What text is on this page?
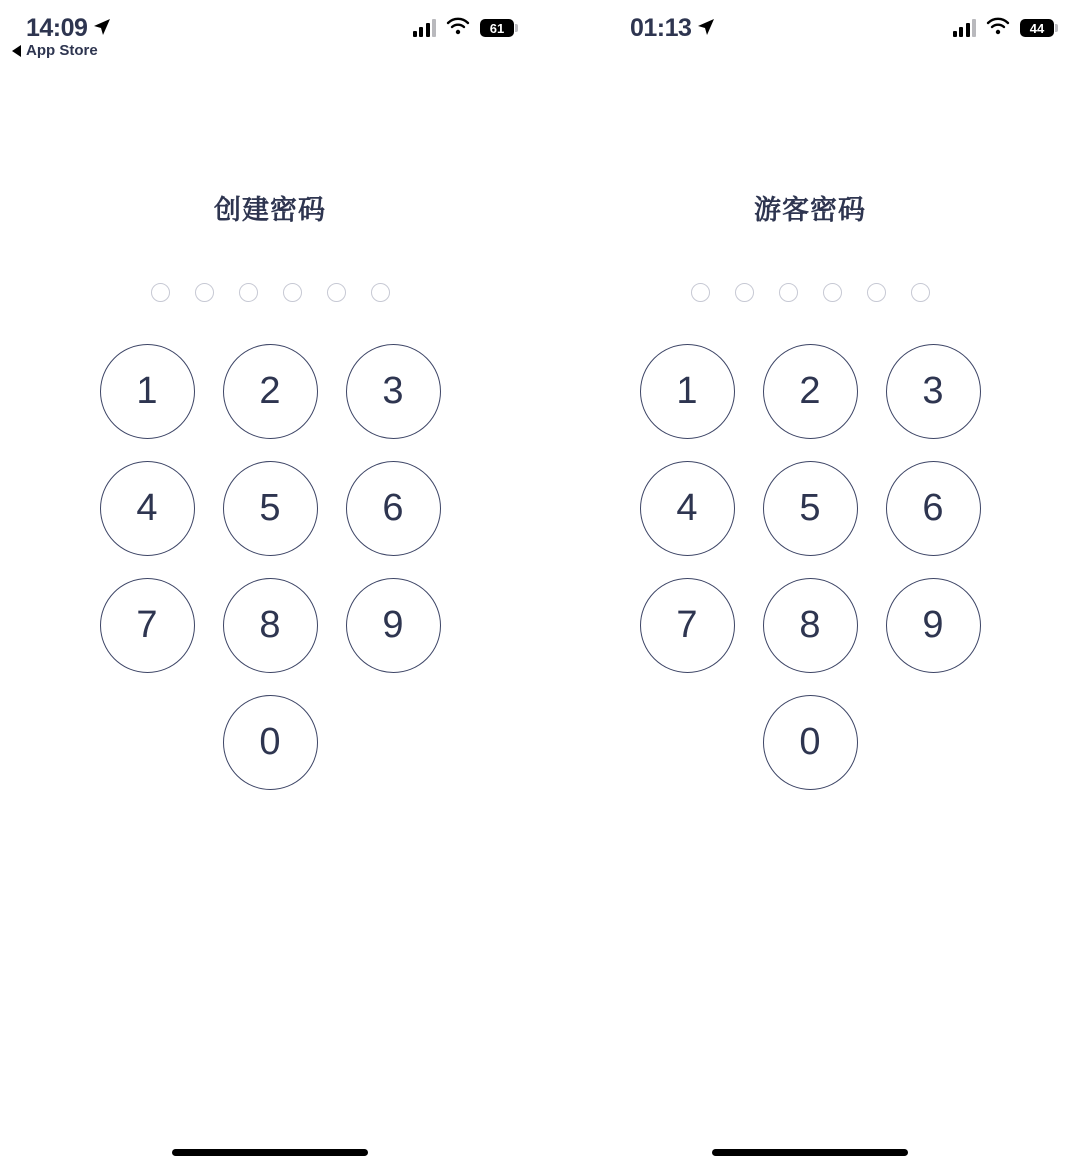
14:09	61
App Store
创建密码
1	2	3
4	5	6
7	8	9
0
01:13	44
游客密码
1	2	3
4	5	6
7	8	9
0
